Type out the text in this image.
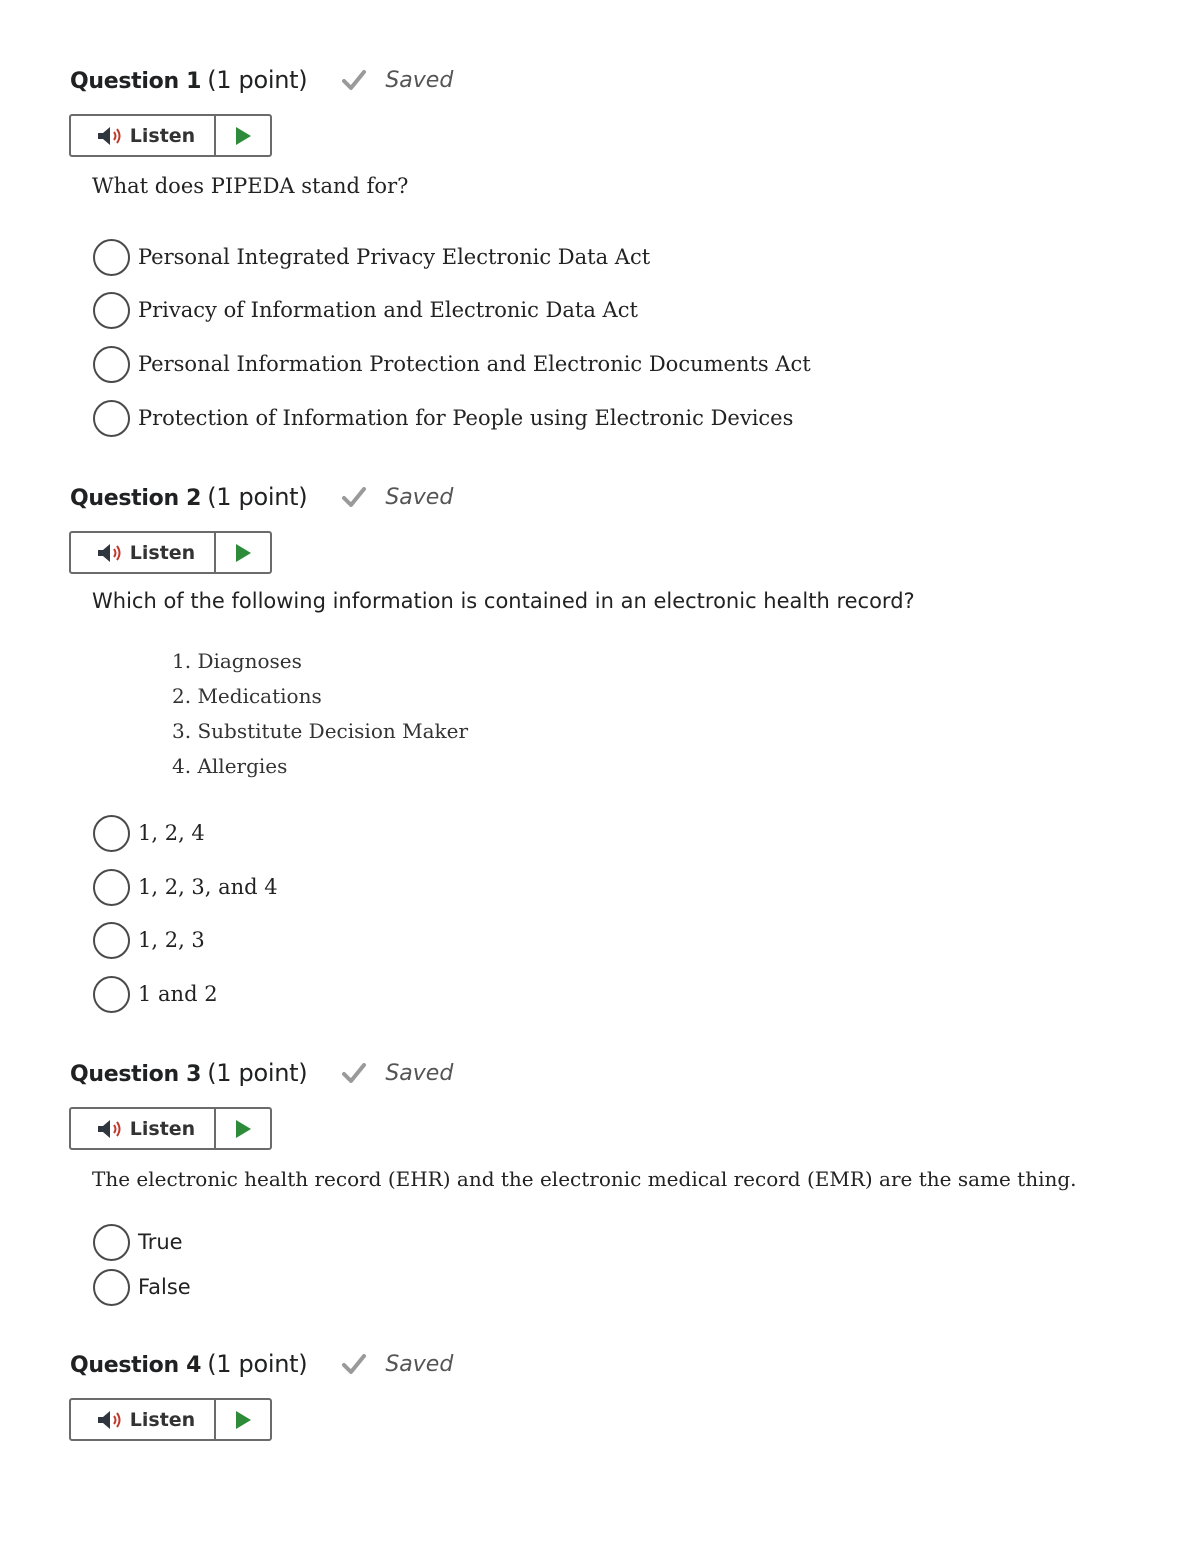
Question 1 (1 point)	Saved
Listen
What does PIPEDA stand for?
Personal Integrated Privacy Electronic Data Act
Privacy of Information and Electronic Data Act
Personal Information Protection and Electronic Documents Act
Protection of Information for People using Electronic Devices
Question 2 (1 point)	Saved
Listen
Which of the following information is contained in an electronic health record?
1. Diagnoses
2. Medications
3. Substitute Decision Maker
4. Allergies
1, 2, 4
1, 2, 3, and 4
1, 2, 3
1 and 2
Question 3 (1 point)	Saved
Listen
The electronic health record (EHR) and the electronic medical record (EMR) are the same thing.
True
False
Question 4 (1 point)	Saved
Listen
